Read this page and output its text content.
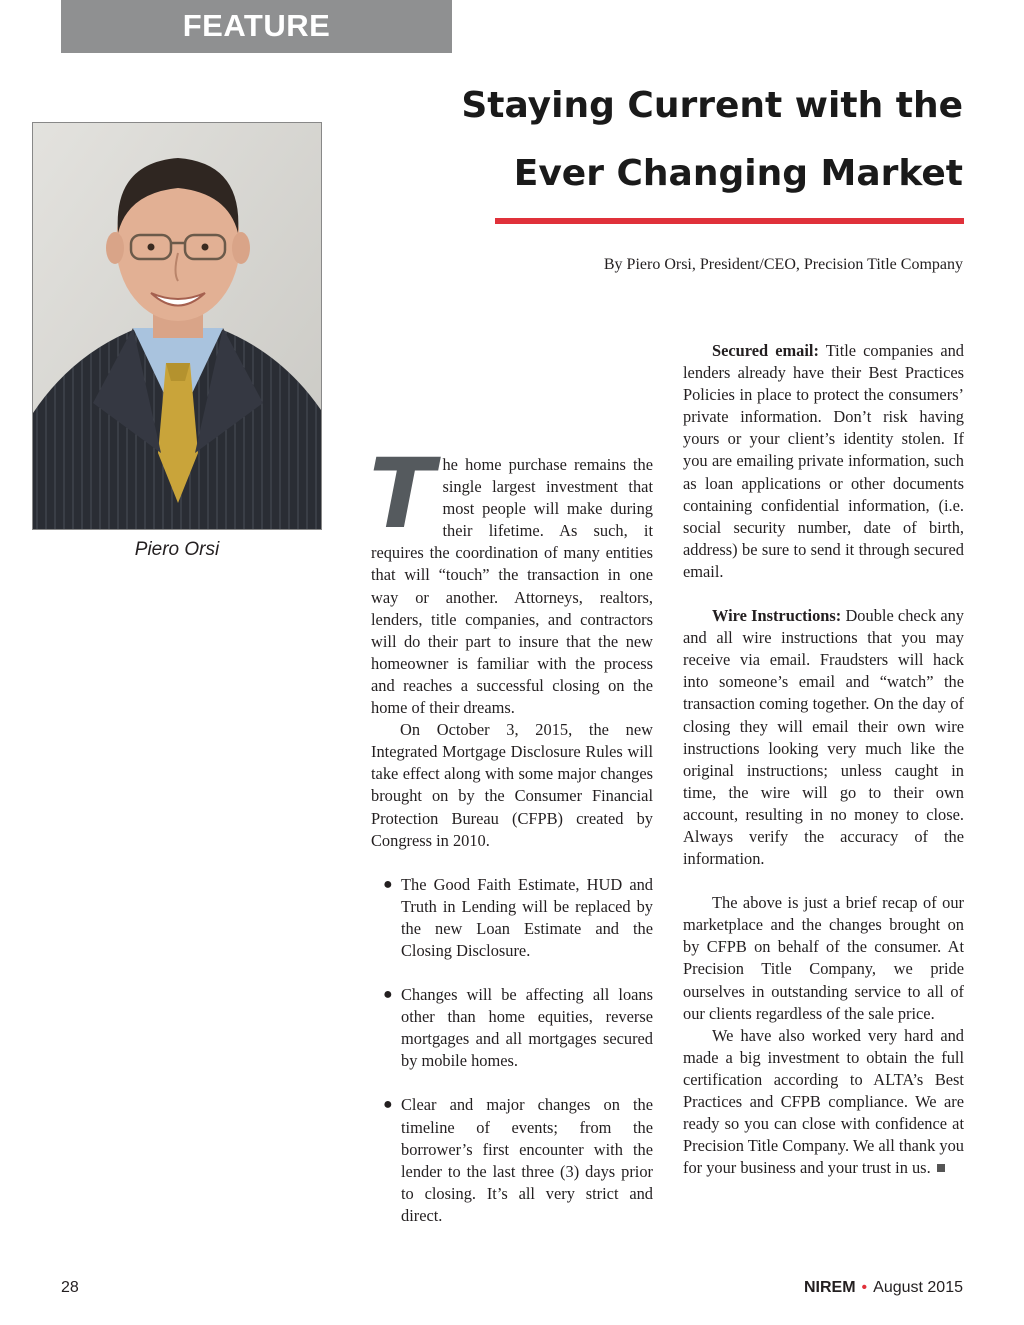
FEATURE
Staying Current with the
Ever Changing Market
By Piero Orsi, President/CEO, Precision Title Company
Piero Orsi	The home purchase remains the single largest investment that most people will make during their lifetime. As such, it requires the coordination of many entities that will “touch” the transaction in one way or another. Attorneys, realtors, lenders, title companies, and contractors will do their part to insure that the new homeowner is familiar with the process and reaches a successful closing on the home of their dreams.

On October 3, 2015, the new Integrated Mortgage Disclosure Rules will take effect along with some major changes brought on by the Consumer Financial Protection Bureau (CFPB) created by Congress in 2010.

● The Good Faith Estimate, HUD and Truth in Lending will be replaced by the new Loan Estimate and the Closing Disclosure.
● Changes will be affecting all loans other than home equities, reverse mortgages and all mortgages secured by mobile homes.
● Clear and major changes on the timeline of events; from the borrower’s first encounter with the lender to the last three (3) days prior to closing. It’s all very strict and direct.

Secured email: Title companies and lenders already have their Best Practices Policies in place to protect the consumers’ private information. Don’t risk having yours or your client’s identity stolen. If you are emailing private information, such as loan applications or other documents containing confidential information, (i.e. social security number, date of birth, address) be sure to send it through secured email.

Wire Instructions: Double check any and all wire instructions that you may receive via email. Fraudsters will hack into someone’s email and “watch” the transaction coming together. On the day of closing they will email their own wire instructions looking very much like the original instructions; unless caught in time, the wire will go to their own account, resulting in no money to close. Always verify the accuracy of the information.

The above is just a brief recap of our marketplace and the changes brought on by CFPB on behalf of the consumer. At Precision Title Company, we pride ourselves in outstanding service to all of our clients regardless of the sale price.

We have also worked very hard and made a big investment to obtain the full certification according to ALTA’s Best Practices and CFPB compliance. We are ready so you can close with confidence at Precision Title Company. We all thank you for your business and your trust in us.

28	NIREM • August 2015
